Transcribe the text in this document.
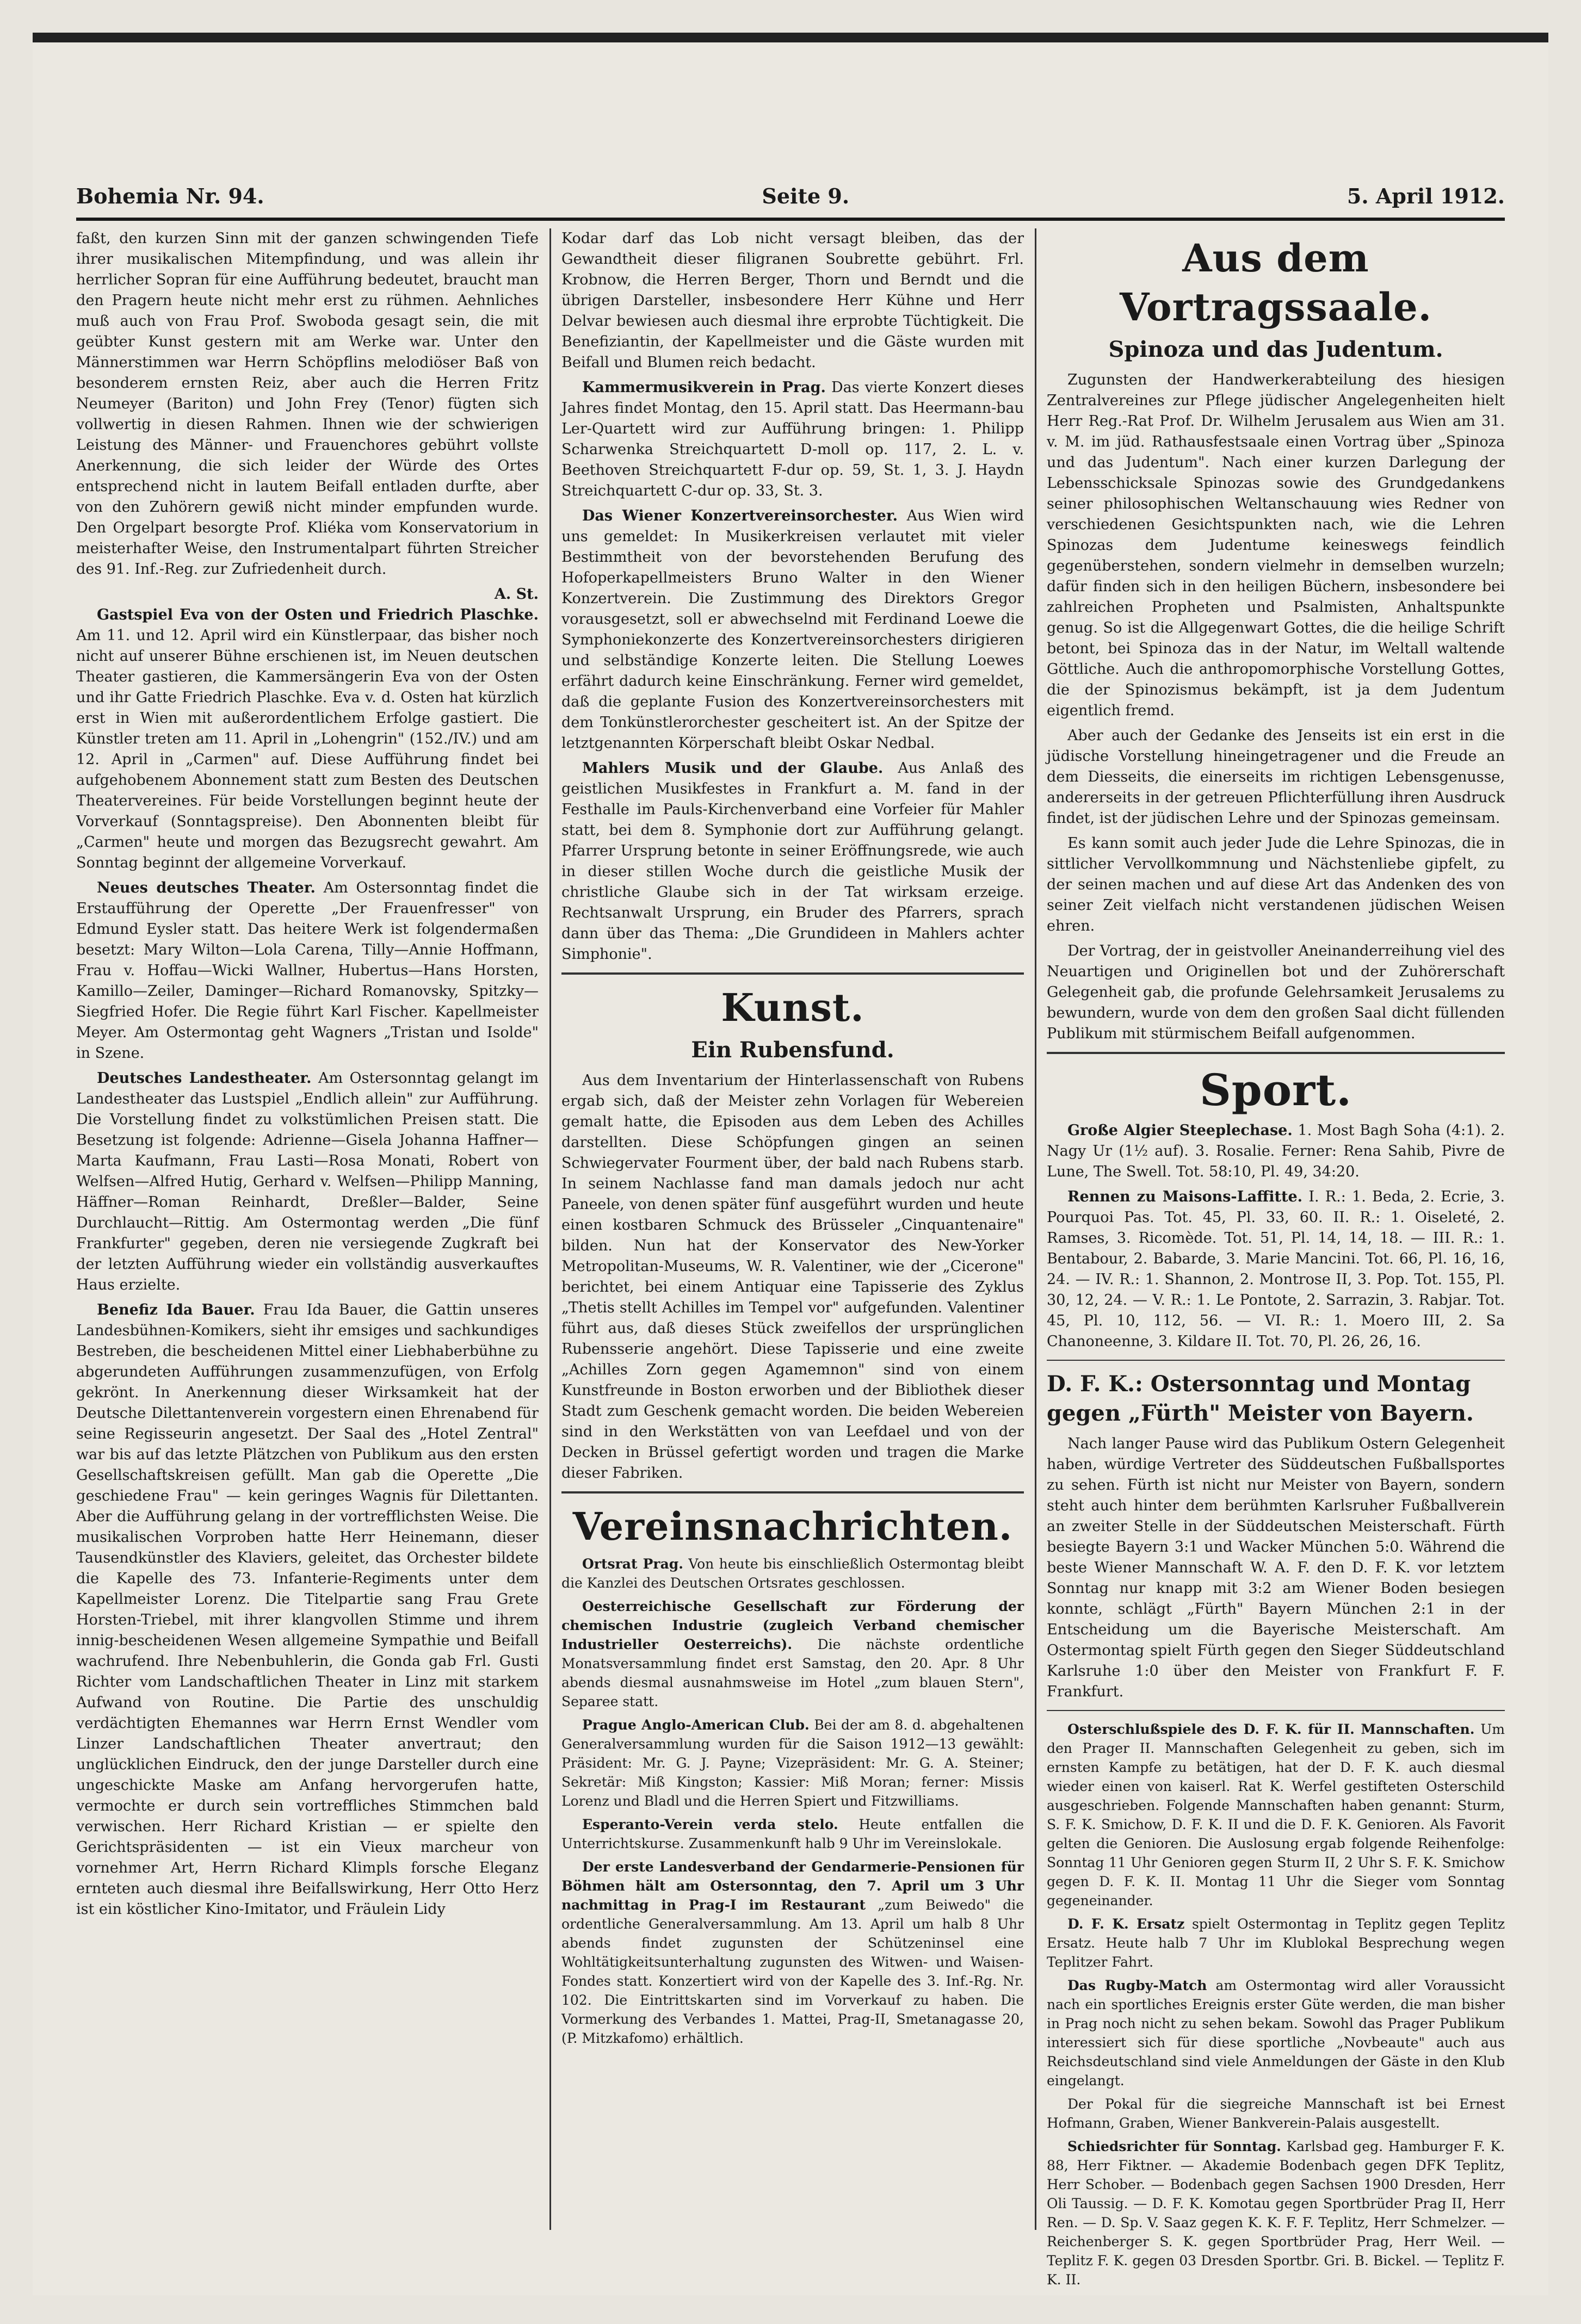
Bohemia Nr. 94.	Seite 9.	5. April 1912.

faßt, den kurzen Sinn mit der ganzen schwingenden Tiefe ihrer musikalischen Mitempfindung, und was allein ihr herrlicher Sopran für eine Aufführung bedeutet, braucht man den Pragern heute nicht mehr erst zu rühmen. Aehnliches muß auch von Frau Prof. Swoboda gesagt sein, die mit geübter Kunst gestern mit am Werke war. Unter den Männerstimmen war Herrn Schöpflins melodiöser Baß von besonderem ernsten Reiz, aber auch die Herren Fritz Neumeyer (Bariton) und John Frey (Tenor) fügten sich vollwertig in diesen Rahmen. Ihnen wie der schwierigen Leistung des Männer- und Frauenchores gebührt vollste Anerkennung, die sich leider der Würde des Ortes entsprechend nicht in lautem Beifall entladen durfte, aber von den Zuhörern gewiß nicht minder empfunden wurde. Den Orgelpart besorgte Prof. Kliéka vom Konservatorium in meisterhafter Weise, den Instrumentalpart führten Streicher des 91. Inf.-Reg. zur Zufriedenheit durch.

A. St.

Gastspiel Eva von der Osten und Friedrich Plaschke. Am 11. und 12. April wird ein Künstlerpaar, das bisher noch nicht auf unserer Bühne erschienen ist, im Neuen deutschen Theater gastieren, die Kammersängerin Eva von der Osten und ihr Gatte Friedrich Plaschke. Eva v. d. Osten hat kürzlich erst in Wien mit außerordentlichem Erfolge gastiert. Die Künstler treten am 11. April in „Lohengrin" (152./IV.) und am 12. April in „Carmen" auf. Diese Aufführung findet bei aufgehobenem Abonnement statt zum Besten des Deutschen Theatervereines. Für beide Vorstellungen beginnt heute der Vorverkauf (Sonntagspreise). Den Abonnenten bleibt für „Carmen" heute und morgen das Bezugsrecht gewahrt. Am Sonntag beginnt der allgemeine Vorverkauf.

Neues deutsches Theater. Am Ostersonntag findet die Erstaufführung der Operette „Der Frauenfresser" von Edmund Eysler statt. Das heitere Werk ist folgendermaßen besetzt: Mary Wilton—Lola Carena, Tilly—Annie Hoffmann, Frau v. Hoffau—Wicki Wallner, Hubertus—Hans Horsten, Kamillo—Zeiler, Daminger—Richard Romanovsky, Spitzky—Siegfried Hofer. Die Regie führt Karl Fischer. Kapellmeister Meyer. Am Ostermontag geht Wagners „Tristan und Isolde" in Szene.

Deutsches Landestheater. Am Ostersonntag gelangt im Landestheater das Lustspiel „Endlich allein" zur Aufführung. Die Vorstellung findet zu volkstümlichen Preisen statt. Die Besetzung ist folgende: Adrienne—Gisela Johanna Haffner—Marta Kaufmann, Frau Lasti—Rosa Monati, Robert von Welfsen—Alfred Hutig, Gerhard v. Welfsen—Philipp Manning, Häffner—Roman Reinhardt, Dreßler—Balder, Seine Durchlaucht—Rittig. Am Ostermontag werden „Die fünf Frankfurter" gegeben, deren nie versiegende Zugkraft bei der letzten Aufführung wieder ein vollständig ausverkauftes Haus erzielte.

Benefiz Ida Bauer. Frau Ida Bauer, die Gattin unseres Landesbühnen-Komikers, sieht ihr emsiges und sachkundiges Bestreben, die bescheidenen Mittel einer Liebhaberbühne zu abgerundeten Aufführungen zusammenzufügen, von Erfolg gekrönt. In Anerkennung dieser Wirksamkeit hat der Deutsche Dilettantenverein vorgestern einen Ehrenabend für seine Regisseurin angesetzt. Der Saal des „Hotel Zentral" war bis auf das letzte Plätzchen von Publikum aus den ersten Gesellschaftskreisen gefüllt. Man gab die Operette „Die geschiedene Frau" — kein geringes Wagnis für Dilettanten. Aber die Aufführung gelang in der vortrefflichsten Weise. Die musikalischen Vorproben hatte Herr Heinemann, dieser Tausendkünstler des Klaviers, geleitet, das Orchester bildete die Kapelle des 73. Infanterie-Regiments unter dem Kapellmeister Lorenz. Die Titelpartie sang Frau Grete Horsten-Triebel, mit ihrer klangvollen Stimme und ihrem innig-bescheidenen Wesen allgemeine Sympathie und Beifall wachrufend. Ihre Nebenbuhlerin, die Gonda gab Frl. Gusti Richter vom Landschaftlichen Theater in Linz mit starkem Aufwand von Routine. Die Partie des unschuldig verdächtigten Ehemannes war Herrn Ernst Wendler vom Linzer Landschaftlichen Theater anvertraut; den unglücklichen Eindruck, den der junge Darsteller durch eine ungeschickte Maske am Anfang hervorgerufen hatte, vermochte er durch sein vortreffliches Stimmchen bald verwischen. Herr Richard Kristian — er spielte den Gerichtspräsidenten — ist ein Vieux marcheur von vornehmer Art, Herrn Richard Klimpls forsche Eleganz ernteten auch diesmal ihre Beifallswirkung, Herr Otto Herz ist ein köstlicher Kino-Imitator, und Fräulein Lidy

Kodar darf das Lob nicht versagt bleiben, das der Gewandtheit dieser filigranen Soubrette gebührt. Frl. Krobnow, die Herren Berger, Thorn und Berndt und die übrigen Darsteller, insbesondere Herr Kühne und Herr Delvar bewiesen auch diesmal ihre erprobte Tüchtigkeit. Die Benefiziantin, der Kapellmeister und die Gäste wurden mit Beifall und Blumen reich bedacht.

Kammermusikverein in Prag. Das vierte Konzert dieses Jahres findet Montag, den 15. April statt. Das Heermann-bau Ler-Quartett wird zur Aufführung bringen: 1. Philipp Scharwenka Streichquartett D-moll op. 117, 2. L. v. Beethoven Streichquartett F-dur op. 59, St. 1, 3. J. Haydn Streichquartett C-dur op. 33, St. 3.

Das Wiener Konzertvereinsorchester. Aus Wien wird uns gemeldet: In Musikerkreisen verlautet mit vieler Bestimmtheit von der bevorstehenden Berufung des Hofoperkapellmeisters Bruno Walter in den Wiener Konzertverein. Die Zustimmung des Direktors Gregor vorausgesetzt, soll er abwechselnd mit Ferdinand Loewe die Symphoniekonzerte des Konzertvereinsorchesters dirigieren und selbständige Konzerte leiten. Die Stellung Loewes erfährt dadurch keine Einschränkung. Ferner wird gemeldet, daß die geplante Fusion des Konzertvereinsorchesters mit dem Tonkünstlerorchester gescheitert ist. An der Spitze der letztgenannten Körperschaft bleibt Oskar Nedbal.

Mahlers Musik und der Glaube. Aus Anlaß des geistlichen Musikfestes in Frankfurt a. M. fand in der Festhalle im Pauls-Kirchenverband eine Vorfeier für Mahler statt, bei dem 8. Symphonie dort zur Aufführung gelangt. Pfarrer Ursprung betonte in seiner Eröffnungsrede, wie auch in dieser stillen Woche durch die geistliche Musik der christliche Glaube sich in der Tat wirksam erzeige. Rechtsanwalt Ursprung, ein Bruder des Pfarrers, sprach dann über das Thema: „Die Grundideen in Mahlers achter Simphonie".

Kunst.
Ein Rubensfund.

Aus dem Inventarium der Hinterlassenschaft von Rubens ergab sich, daß der Meister zehn Vorlagen für Webereien gemalt hatte, die Episoden aus dem Leben des Achilles darstellten. Diese Schöpfungen gingen an seinen Schwiegervater Fourment über, der bald nach Rubens starb. In seinem Nachlasse fand man damals jedoch nur acht Paneele, von denen später fünf ausgeführt wurden und heute einen kostbaren Schmuck des Brüsseler „Cinquantenaire" bilden. Nun hat der Konservator des New-Yorker Metropolitan-Museums, W. R. Valentiner, wie der „Cicerone" berichtet, bei einem Antiquar eine Tapisserie des Zyklus „Thetis stellt Achilles im Tempel vor" aufgefunden. Valentiner führt aus, daß dieses Stück zweifellos der ursprünglichen Rubensserie angehört. Diese Tapisserie und eine zweite „Achilles Zorn gegen Agamemnon" sind von einem Kunstfreunde in Boston erworben und der Bibliothek dieser Stadt zum Geschenk gemacht worden. Die beiden Webereien sind in den Werkstätten von van Leefdael und von der Decken in Brüssel gefertigt worden und tragen die Marke dieser Fabriken.

Vereinsnachrichten.

Ortsrat Prag. Von heute bis einschließlich Ostermontag bleibt die Kanzlei des Deutschen Ortsrates geschlossen.

Oesterreichische Gesellschaft zur Förderung der chemischen Industrie (zugleich Verband chemischer Industrieller Oesterreichs). Die nächste ordentliche Monatsversammlung findet erst Samstag, den 20. Apr. 8 Uhr abends diesmal ausnahmsweise im Hotel „zum blauen Stern", Separee statt.

Prague Anglo-American Club. Bei der am 8. d. abgehaltenen Generalversammlung wurden für die Saison 1912—13 gewählt: Präsident: Mr. G. J. Payne; Vizepräsident: Mr. G. A. Steiner; Sekretär: Miß Kingston; Kassier: Miß Moran; ferner: Missis Lorenz und Bladl und die Herren Spiert und Fitzwilliams.

Esperanto-Verein verda stelo. Heute entfallen die Unterrichtskurse. Zusammenkunft halb 9 Uhr im Vereinslokale.

Der erste Landesverband der Gendarmerie-Pensionen für Böhmen hält am Ostersonntag, den 7. April um 3 Uhr nachmittag in Prag-I im Restaurant „zum Beiwedo" die ordentliche Generalversammlung. Am 13. April um halb 8 Uhr abends findet zugunsten der Schützeninsel eine Wohltätigkeitsunterhaltung zugunsten des Witwen- und Waisen-Fondes statt. Konzertiert wird von der Kapelle des 3. Inf.-Rg. Nr. 102. Die Eintrittskarten sind im Vorverkauf zu haben. Die Vormerkung des Verbandes 1. Mattei, Prag-II, Smetanagasse 20, (P. Mitzkafomo) erhältlich.

Aus dem Vortragssaale.
Spinoza und das Judentum.

Zugunsten der Handwerkerabteilung des hiesigen Zentralvereines zur Pflege jüdischer Angelegenheiten hielt Herr Reg.-Rat Prof. Dr. Wilhelm Jerusalem aus Wien am 31. v. M. im jüd. Rathausfestsaale einen Vortrag über „Spinoza und das Judentum". Nach einer kurzen Darlegung der Lebensschicksale Spinozas sowie des Grundgedankens seiner philosophischen Weltanschauung wies Redner von verschiedenen Gesichtspunkten nach, wie die Lehren Spinozas dem Judentume keineswegs feindlich gegenüberstehen, sondern vielmehr in demselben wurzeln; dafür finden sich in den heiligen Büchern, insbesondere bei zahlreichen Propheten und Psalmisten, Anhaltspunkte genug. So ist die Allgegenwart Gottes, die die heilige Schrift betont, bei Spinoza das in der Natur, im Weltall waltende Göttliche. Auch die anthropomorphische Vorstellung Gottes, die der Spinozismus bekämpft, ist ja dem Judentum eigentlich fremd.

Aber auch der Gedanke des Jenseits ist ein erst in die jüdische Vorstellung hineingetragener und die Freude an dem Diesseits, die einerseits im richtigen Lebensgenusse, andererseits in der getreuen Pflichterfüllung ihren Ausdruck findet, ist der jüdischen Lehre und der Spinozas gemeinsam.

Es kann somit auch jeder Jude die Lehre Spinozas, die in sittlicher Vervollkommnung und Nächstenliebe gipfelt, zu der seinen machen und auf diese Art das Andenken des von seiner Zeit vielfach nicht verstandenen jüdischen Weisen ehren.

Der Vortrag, der in geistvoller Aneinanderreihung viel des Neuartigen und Originellen bot und der Zuhörerschaft Gelegenheit gab, die profunde Gelehrsamkeit Jerusalems zu bewundern, wurde von dem den großen Saal dicht füllenden Publikum mit stürmischem Beifall aufgenommen.

Sport.

Große Algier Steeplechase. 1. Most Bagh Soha (4:1). 2. Nagy Ur (1½ auf). 3. Rosalie. Ferner: Rena Sahib, Pivre de Lune, The Swell. Tot. 58:10, Pl. 49, 34:20.

Rennen zu Maisons-Laffitte. I. R.: 1. Beda, 2. Ecrie, 3. Pourquoi Pas. Tot. 45, Pl. 33, 60. II. R.: 1. Oiseleté, 2. Ramses, 3. Ricomède. Tot. 51, Pl. 14, 14, 18. — III. R.: 1. Bentabour, 2. Babarde, 3. Marie Mancini. Tot. 66, Pl. 16, 16, 24. — IV. R.: 1. Shannon, 2. Montrose II, 3. Pop. Tot. 155, Pl. 30, 12, 24. — V. R.: 1. Le Pontote, 2. Sarrazin, 3. Rabjar. Tot. 45, Pl. 10, 112, 56. — VI. R.: 1. Moero III, 2. Sa Chanoneenne, 3. Kildare II. Tot. 70, Pl. 26, 26, 16.

D. F. K.: Ostersonntag und Montag gegen „Fürth" Meister von Bayern.

Nach langer Pause wird das Publikum Ostern Gelegenheit haben, würdige Vertreter des Süddeutschen Fußballsportes zu sehen. Fürth ist nicht nur Meister von Bayern, sondern steht auch hinter dem berühmten Karlsruher Fußballverein an zweiter Stelle in der Süddeutschen Meisterschaft. Fürth besiegte Bayern 3:1 und Wacker München 5:0. Während die beste Wiener Mannschaft W. A. F. den D. F. K. vor letztem Sonntag nur knapp mit 3:2 am Wiener Boden besiegen konnte, schlägt „Fürth" Bayern München 2:1 in der Entscheidung um die Bayerische Meisterschaft. Am Ostermontag spielt Fürth gegen den Sieger Süddeutschland Karlsruhe 1:0 über den Meister von Frankfurt F. F. Frankfurt.

Osterschlußspiele des D. F. K. für II. Mannschaften. Um den Prager II. Mannschaften Gelegenheit zu geben, sich im ernsten Kampfe zu betätigen, hat der D. F. K. auch diesmal wieder einen von kaiserl. Rat K. Werfel gestifteten Osterschild ausgeschrieben. Folgende Mannschaften haben genannt: Sturm, S. F. K. Smichow, D. F. K. II und die D. F. K. Genioren. Als Favorit gelten die Genioren. Die Auslosung ergab folgende Reihenfolge: Sonntag 11 Uhr Genioren gegen Sturm II, 2 Uhr S. F. K. Smichow gegen D. F. K. II. Montag 11 Uhr die Sieger vom Sonntag gegeneinander.

D. F. K. Ersatz spielt Ostermontag in Teplitz gegen Teplitz Ersatz. Heute halb 7 Uhr im Klublokal Besprechung wegen Teplitzer Fahrt.

Das Rugby-Match am Ostermontag wird aller Voraussicht nach ein sportliches Ereignis erster Güte werden, die man bisher in Prag noch nicht zu sehen bekam. Sowohl das Prager Publikum interessiert sich für diese sportliche „Novbeaute" auch aus Reichsdeutschland sind viele Anmeldungen der Gäste in den Klub eingelangt.

Der Pokal für die siegreiche Mannschaft ist bei Ernest Hofmann, Graben, Wiener Bankverein-Palais ausgestellt.

Schiedsrichter für Sonntag. Karlsbad geg. Hamburger F. K. 88, Herr Fiktner. — Akademie Bodenbach gegen DFK Teplitz, Herr Schober. — Bodenbach gegen Sachsen 1900 Dresden, Herr Oli Taussig. — D. F. K. Komotau gegen Sportbrüder Prag II, Herr Ren. — D. Sp. V. Saaz gegen K. K. F. F. Teplitz, Herr Schmelzer. — Reichenberger S. K. gegen Sportbrüder Prag, Herr Weil. — Teplitz F. K. gegen 03 Dresden Sportbr. Gri. B. Bickel. — Teplitz F. K. II.
